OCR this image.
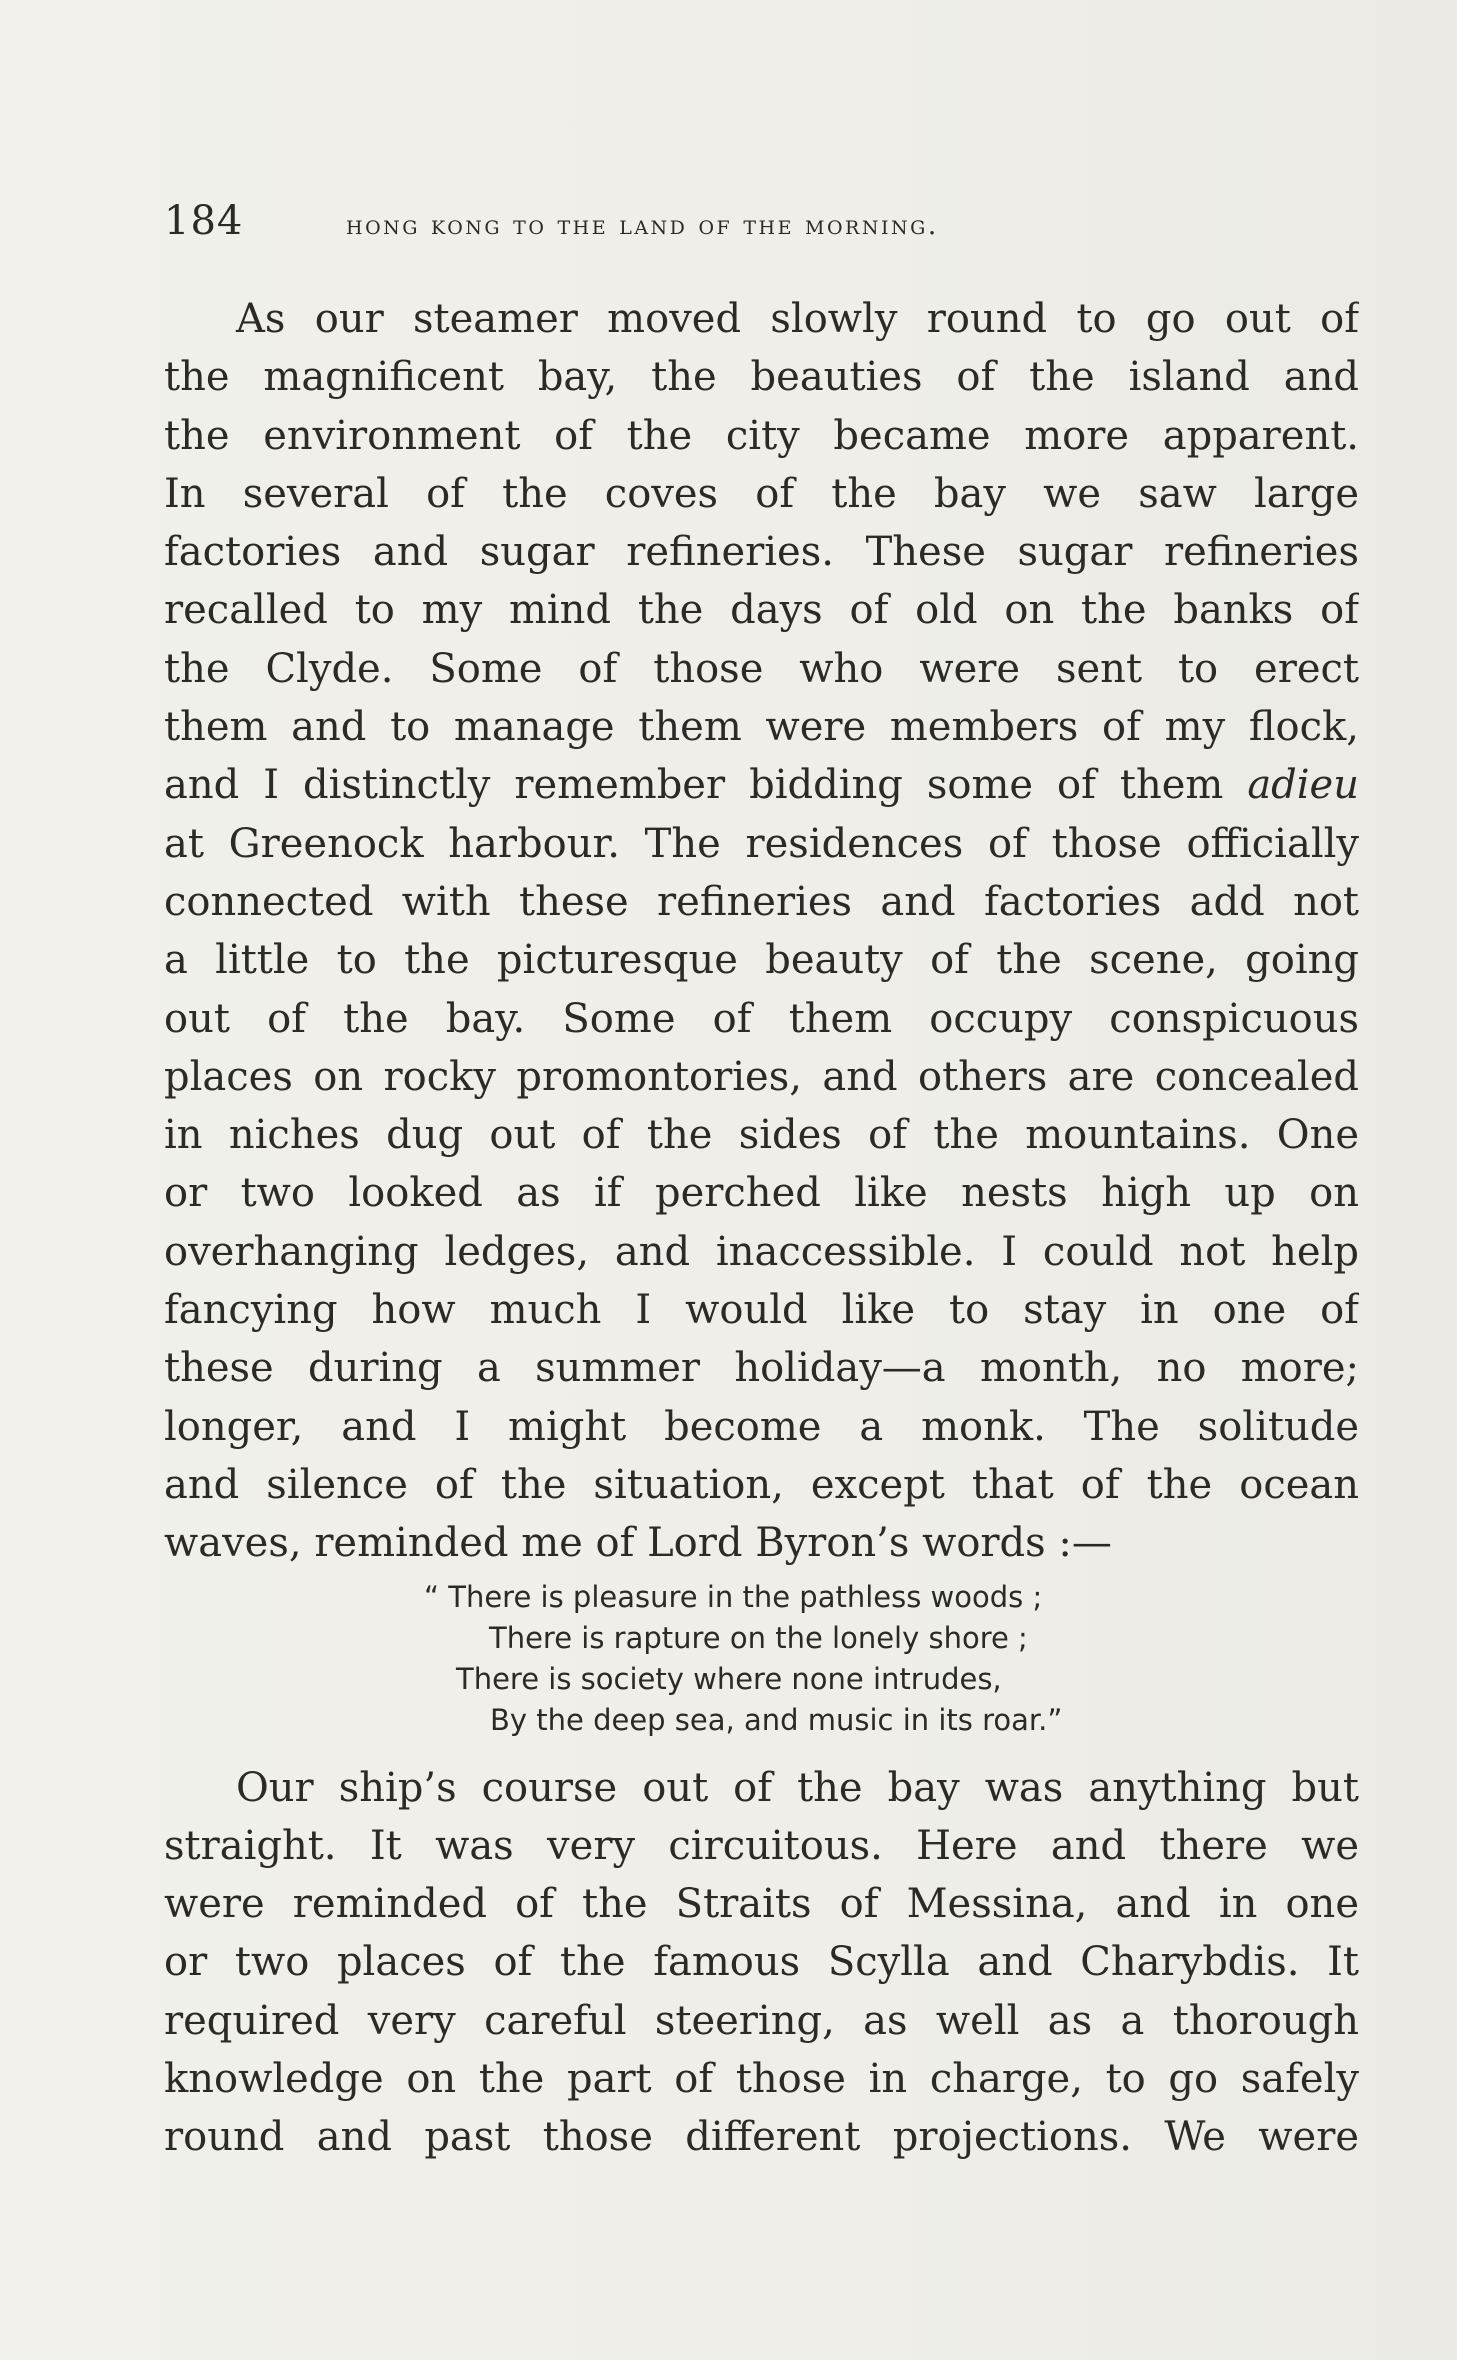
184	hong kong to the land of the morning.
As our steamer moved slowly round to go out of
the magnificent bay, the beauties of the island and
the environment of the city became more apparent.
In several of the coves of the bay we saw large
factories and sugar refineries. These sugar refineries
recalled to my mind the days of old on the banks of
the Clyde. Some of those who were sent to erect
them and to manage them were members of my flock,
and I distinctly remember bidding some of them adieu
at Greenock harbour. The residences of those officially
connected with these refineries and factories add not
a little to the picturesque beauty of the scene, going
out of the bay. Some of them occupy conspicuous
places on rocky promontories, and others are concealed
in niches dug out of the sides of the mountains. One
or two looked as if perched like nests high up on
overhanging ledges, and inaccessible. I could not help
fancying how much I would like to stay in one of
these during a summer holiday—a month, no more;
longer, and I might become a monk. The solitude
and silence of the situation, except that of the ocean
waves, reminded me of Lord Byron’s words :—
“ There is pleasure in the pathless woods ;
There is rapture on the lonely shore ;
There is society where none intrudes,
By the deep sea, and music in its roar.”
Our ship’s course out of the bay was anything but
straight. It was very circuitous. Here and there we
were reminded of the Straits of Messina, and in one
or two places of the famous Scylla and Charybdis. It
required very careful steering, as well as a thorough
knowledge on the part of those in charge, to go safely
round and past those different projections. We were
